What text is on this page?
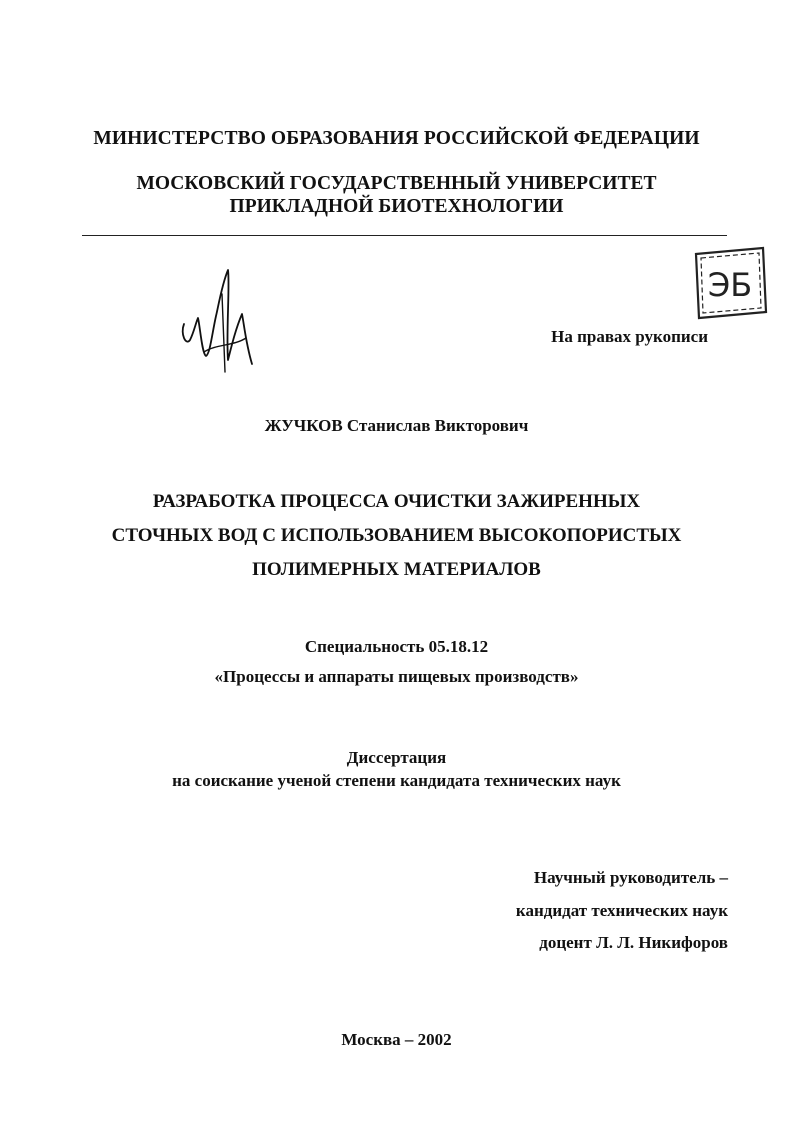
МИНИСТЕРСТВО ОБРАЗОВАНИЯ РОССИЙСКОЙ ФЕДЕРАЦИИ
МОСКОВСКИЙ ГОСУДАРСТВЕННЫЙ УНИВЕРСИТЕТ
ПРИКЛАДНОЙ БИОТЕХНОЛОГИИ
ЭБ
На правах рукописи
ЖУЧКОВ Станислав Викторович
РАЗРАБОТКА ПРОЦЕССА ОЧИСТКИ ЗАЖИРЕННЫХ
СТОЧНЫХ ВОД С ИСПОЛЬЗОВАНИЕМ ВЫСОКОПОРИСТЫХ
ПОЛИМЕРНЫХ МАТЕРИАЛОВ
Специальность 05.18.12
«Процессы и аппараты пищевых производств»
Диссертация
на соискание ученой степени кандидата технических наук
Научный руководитель –
кандидат технических наук
доцент Л. Л. Никифоров
Москва – 2002
